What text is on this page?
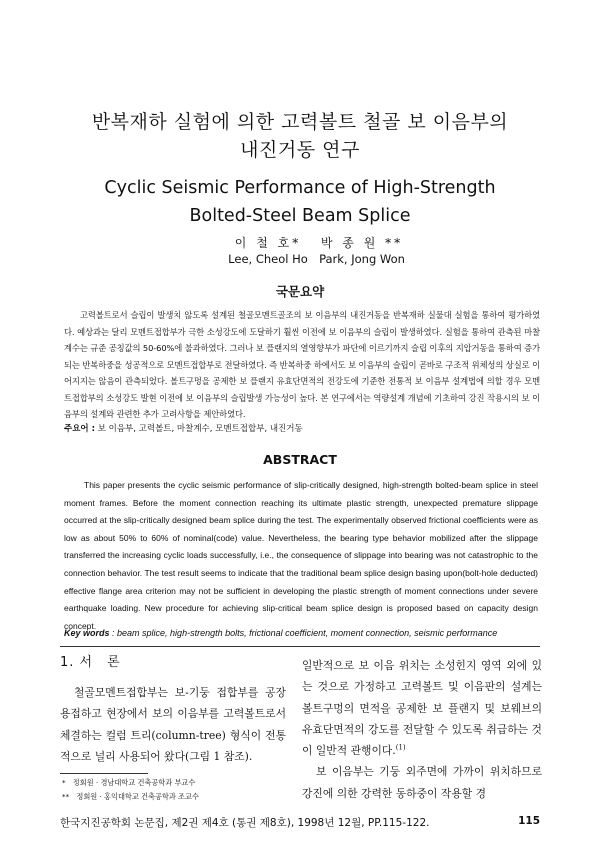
반복재하 실험에 의한 고력볼트 철골 보 이음부의
내진거동 연구
Cyclic Seismic Performance of High-Strength
Bolted-Steel Beam Splice
이 철 호*
Lee, Cheol Ho
박 종 원 **
Park, Jong Won
국문요약

고력볼트로서 슬립이 발생치 않도록 설계된 철골모멘트골조의 보 이음부의 내진거동을 반복재하 실물대 실험을 통하여 평가하였다. 예상과는 달리 모멘트접합부가 극한 소성강도에 도달하기 훨씬 이전에 보 이음부의 슬립이 발생하였다. 실험을 통하여 관측된 마찰계수는 규준 공칭값의 50-60%에 불과하였다. 그러나 보 플랜지의 열영향부가 파단에 이르기까지 슬립 이후의 지압거동을 통하여 증가되는 반복하중을 성공적으로 모멘트접합부로 전달하였다. 즉 반복하중 하에서도 보 이음부의 슬립이 곧바로 구조적 위체성의 상실로 이어지지는 않음이 관측되었다. 볼트구멍을 공제한 보 플랜지 유효단면적의 전강도에 기준한 전통적 보 이음부 설계법에 의할 경우 모멘트접합부의 소성강도 발현 이전에 보 이음부의 슬립발생 가능성이 높다. 본 연구에서는 역량설계 개념에 기초하여 강진 작용시의 보 이음부의 설계와 관련한 추가 고려사항을 제안하였다.

주요어 : 보 이음부, 고력볼트, 마찰계수, 모멘트접합부, 내진거동
ABSTRACT

This paper presents the cyclic seismic performance of slip-critically designed, high-strength bolted-beam splice in steel moment frames. Before the moment connection reaching its ultimate plastic strength, unexpected premature slippage occurred at the slip-critically designed beam splice during the test. The experimentally observed frictional coefficients were as low as about 50% to 60% of nominal(code) value. Nevertheless, the bearing type behavior mobilized after the slippage transferred the increasing cyclic loads successfully, i.e., the consequence of slippage into bearing was not catastrophic to the connection behavior. The test result seems to indicate that the traditional beam splice design basing upon(bolt-hole deducted) effective flange area criterion may not be sufficient in developing the plastic strength of moment connections under severe earthquake loading. New procedure for achieving slip-critical beam splice design is proposed based on capacity design concept.

Key words : beam splice, high-strength bolts, frictional coefficient, moment connection, seismic performance
1. 서　론

철골모멘트접합부는 보-기둥 접합부를 공장용접하고 현장에서 보의 이음부를 고력볼트로서 체결하는 컬럼 트리(column-tree) 형식이 전통적으로 널리 사용되어 왔다(그림 1 참조).

일반적으로 보 이음 위치는 소성힌지 영역 외에 있는 것으로 가정하고 고력볼트 및 이음판의 설계는 볼트구멍의 면적을 공제한 보 플랜지 및 보웨브의 유효단면적의 강도를 전달할 수 있도록 취급하는 것이 일반적 관행이다.$^{(1)}$

보 이음부는 기둥 외주면에 가까이 위치하므로 강진에 의한 강력한 동하중이 작용할 경

*　정회원 · 경남대학교 건축공학과 부교수
**　정회원 · 홍익대학교 건축공학과 조교수
한국지진공학회 논문집, 제2권 제4호 (통권 제8호), 1998년 12월, PP.115-122.	115
